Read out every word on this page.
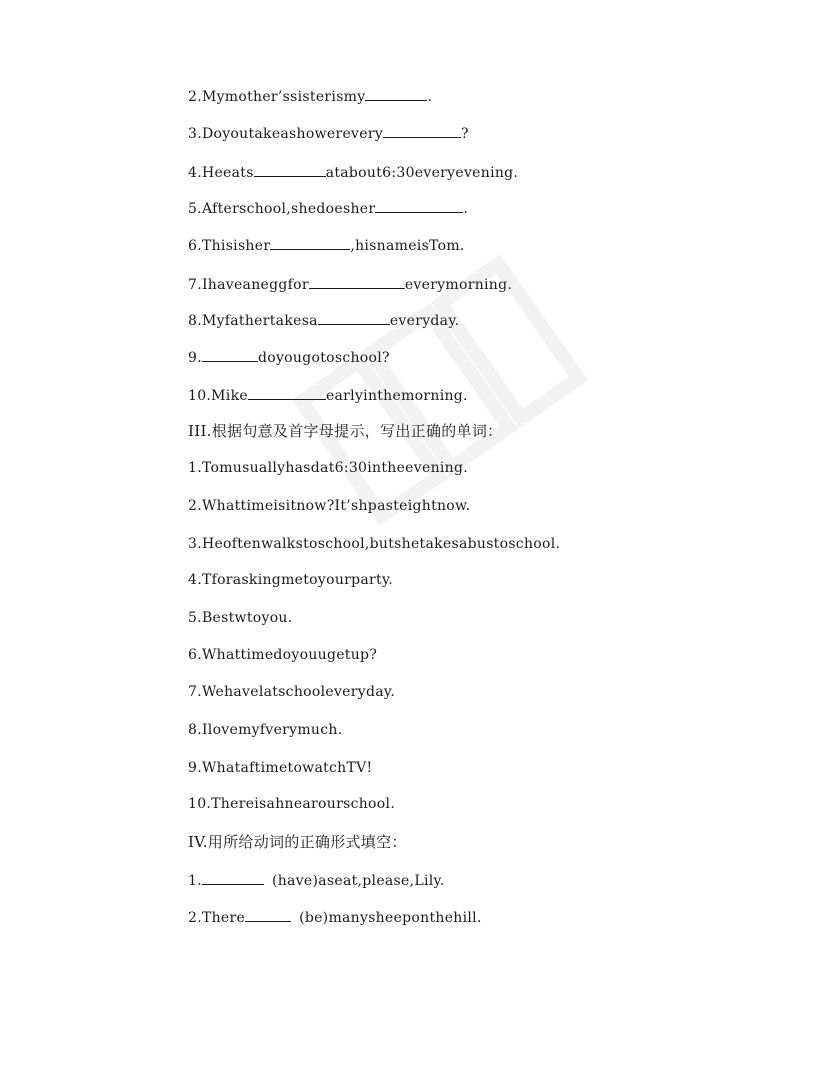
2.Mymother’ssisterismy	.
3.Doyoutakeashowerevery	?
4.Heeats	atabout6:30everyevening.
5.Afterschool,shedoesher	.
6.Thisisher	,hisnameisTom.
7.Ihaveaneggfor	everymorning.
8.Myfathertakesa	everyday.
9.	doyougotoschool?
10.Mike	earlyinthemorning.
III.根据句意及首字母提示，写出正确的单词：
1.Tomusuallyhasdat6:30intheevening.
2.Whattimeisitnow?It’shpasteightnow.
3.Heoftenwalkstoschool,butshetakesabustoschool.
4.Tforaskingmetoyourparty.
5.Bestwtoyou.
6.Whattimedoyouugetup?
7.Wehavelatschooleveryday.
8.Ilovemyfverymuch.
9.WhataftimetowatchTV!
10.Thereisahnearourschool.
IV.用所给动词的正确形式填空：
1.	(have)aseat,please,Lily.
2.There	(be)manysheeponthehill.
